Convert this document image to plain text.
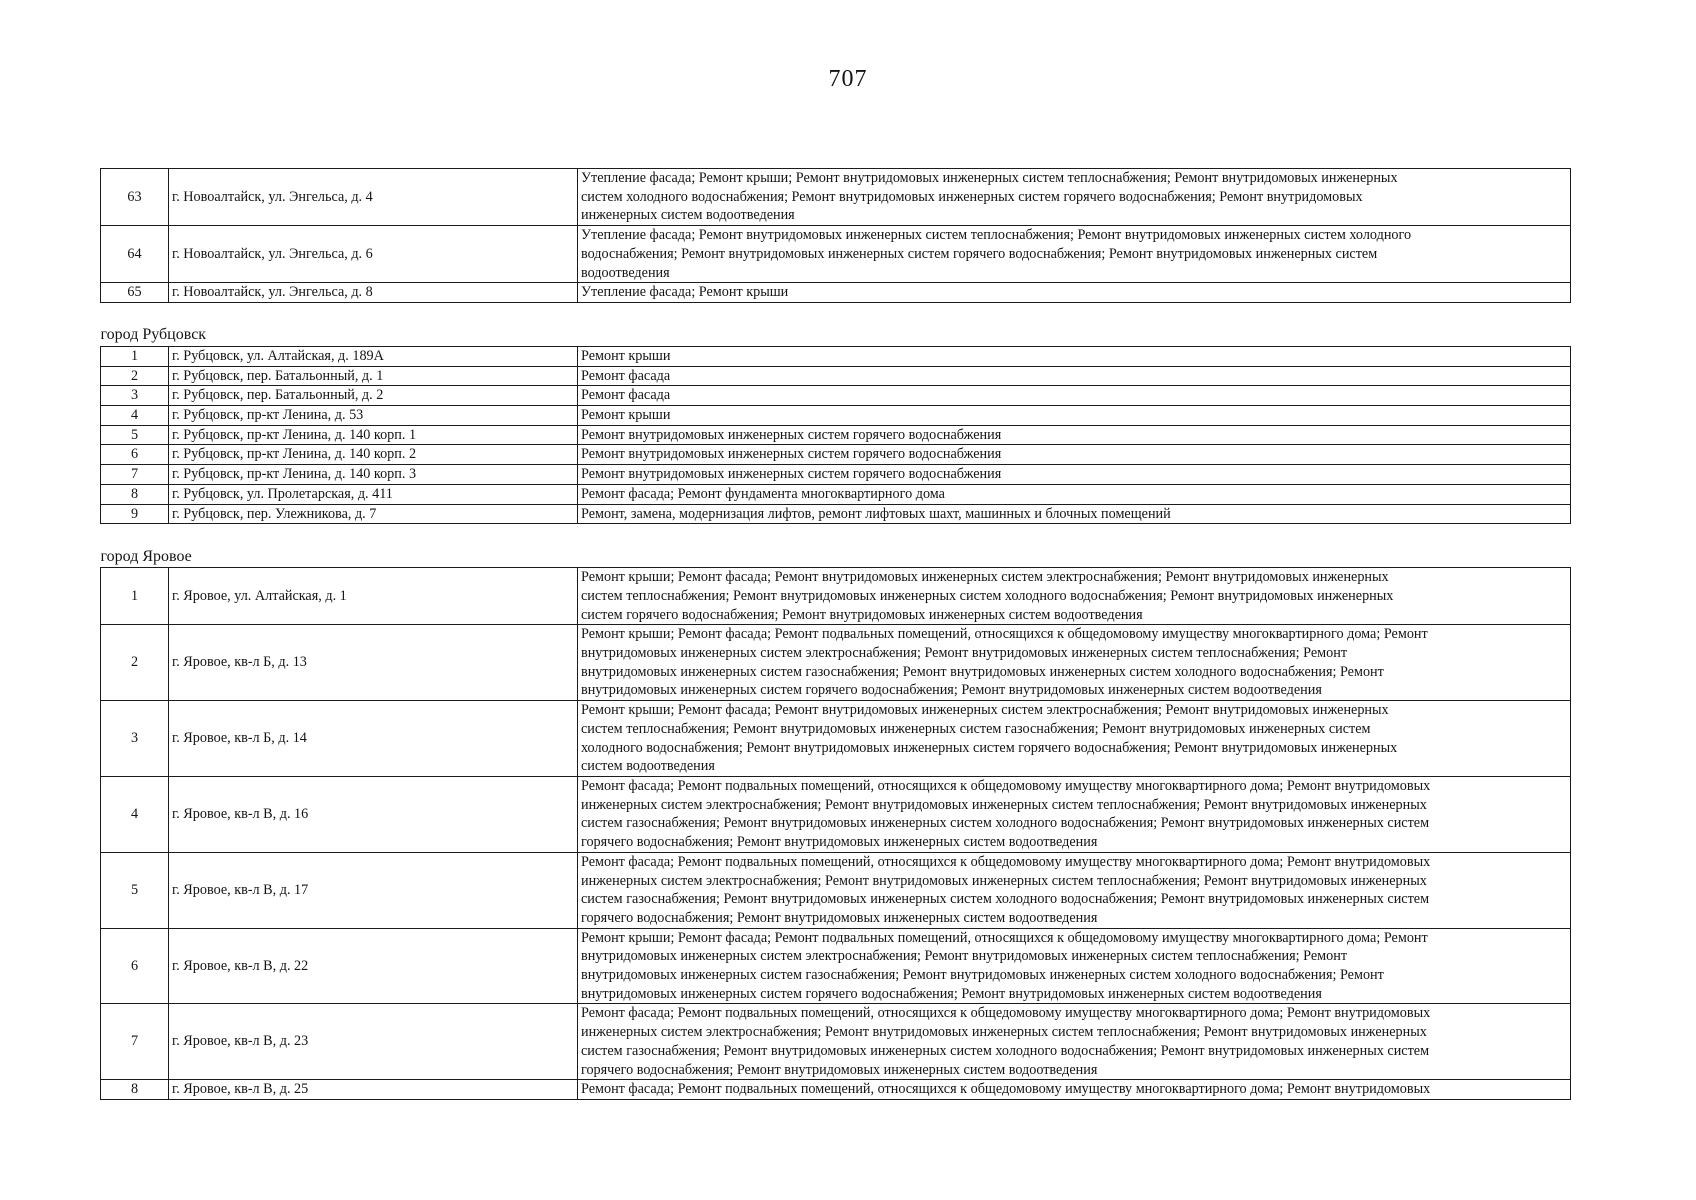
707
63	г. Новоалтайск, ул. Энгельса, д. 4	Утепление фасада; Ремонт крыши; Ремонт внутридомовых инженерных систем теплоснабжения; Ремонт внутридомовых инженерных
систем холодного водоснабжения; Ремонт внутридомовых инженерных систем горячего водоснабжения; Ремонт внутридомовых
инженерных систем водоотведения

64	г. Новоалтайск, ул. Энгельса, д. 6	Утепление фасада; Ремонт внутридомовых инженерных систем теплоснабжения; Ремонт внутридомовых инженерных систем холодного
водоснабжения; Ремонт внутридомовых инженерных систем горячего водоснабжения; Ремонт внутридомовых инженерных систем
водоотведения

65	г. Новоалтайск, ул. Энгельса, д. 8	Утепление фасада; Ремонт крыши

город Рубцовск		
1	г. Рубцовск, ул. Алтайская, д. 189А	Ремонт крыши

2	г. Рубцовск, пер. Батальонный, д. 1	Ремонт фасада

3	г. Рубцовск, пер. Батальонный, д. 2	Ремонт фасада

4	г. Рубцовск, пр-кт Ленина, д. 53	Ремонт крыши

5	г. Рубцовск, пр-кт Ленина, д. 140 корп. 1	Ремонт внутридомовых инженерных систем горячего водоснабжения

6	г. Рубцовск, пр-кт Ленина, д. 140 корп. 2	Ремонт внутридомовых инженерных систем горячего водоснабжения

7	г. Рубцовск, пр-кт Ленина, д. 140 корп. 3	Ремонт внутридомовых инженерных систем горячего водоснабжения

8	г. Рубцовск, ул. Пролетарская, д. 411	Ремонт фасада; Ремонт фундамента многоквартирного дома

9	г. Рубцовск, пер. Улежникова, д. 7	Ремонт, замена, модернизация лифтов, ремонт лифтовых шахт, машинных и блочных помещений

город Яровое		
1	г. Яровое, ул. Алтайская, д. 1	Ремонт крыши; Ремонт фасада; Ремонт внутридомовых инженерных систем электроснабжения; Ремонт внутридомовых инженерных
систем теплоснабжения; Ремонт внутридомовых инженерных систем холодного водоснабжения; Ремонт внутридомовых инженерных
систем горячего водоснабжения; Ремонт внутридомовых инженерных систем водоотведения

2	г. Яровое, кв-л Б, д. 13	Ремонт крыши; Ремонт фасада; Ремонт подвальных помещений, относящихся к общедомовому имуществу многоквартирного дома; Ремонт
внутридомовых инженерных систем электроснабжения; Ремонт внутридомовых инженерных систем теплоснабжения; Ремонт
внутридомовых инженерных систем газоснабжения; Ремонт внутридомовых инженерных систем холодного водоснабжения; Ремонт
внутридомовых инженерных систем горячего водоснабжения; Ремонт внутридомовых инженерных систем водоотведения

3	г. Яровое, кв-л Б, д. 14	Ремонт крыши; Ремонт фасада; Ремонт внутридомовых инженерных систем электроснабжения; Ремонт внутридомовых инженерных
систем теплоснабжения; Ремонт внутридомовых инженерных систем газоснабжения; Ремонт внутридомовых инженерных систем
холодного водоснабжения; Ремонт внутридомовых инженерных систем горячего водоснабжения; Ремонт внутридомовых инженерных
систем водоотведения

4	г. Яровое, кв-л В, д. 16	Ремонт фасада; Ремонт подвальных помещений, относящихся к общедомовому имуществу многоквартирного дома; Ремонт внутридомовых
инженерных систем электроснабжения; Ремонт внутридомовых инженерных систем теплоснабжения; Ремонт внутридомовых инженерных
систем газоснабжения; Ремонт внутридомовых инженерных систем холодного водоснабжения; Ремонт внутридомовых инженерных систем
горячего водоснабжения; Ремонт внутридомовых инженерных систем водоотведения

5	г. Яровое, кв-л В, д. 17	Ремонт фасада; Ремонт подвальных помещений, относящихся к общедомовому имуществу многоквартирного дома; Ремонт внутридомовых
инженерных систем электроснабжения; Ремонт внутридомовых инженерных систем теплоснабжения; Ремонт внутридомовых инженерных
систем газоснабжения; Ремонт внутридомовых инженерных систем холодного водоснабжения; Ремонт внутридомовых инженерных систем
горячего водоснабжения; Ремонт внутридомовых инженерных систем водоотведения

6	г. Яровое, кв-л В, д. 22	Ремонт крыши; Ремонт фасада; Ремонт подвальных помещений, относящихся к общедомовому имуществу многоквартирного дома; Ремонт
внутридомовых инженерных систем электроснабжения; Ремонт внутридомовых инженерных систем теплоснабжения; Ремонт
внутридомовых инженерных систем газоснабжения; Ремонт внутридомовых инженерных систем холодного водоснабжения; Ремонт
внутридомовых инженерных систем горячего водоснабжения; Ремонт внутридомовых инженерных систем водоотведения

7	г. Яровое, кв-л В, д. 23	Ремонт фасада; Ремонт подвальных помещений, относящихся к общедомовому имуществу многоквартирного дома; Ремонт внутридомовых
инженерных систем электроснабжения; Ремонт внутридомовых инженерных систем теплоснабжения; Ремонт внутридомовых инженерных
систем газоснабжения; Ремонт внутридомовых инженерных систем холодного водоснабжения; Ремонт внутридомовых инженерных систем
горячего водоснабжения; Ремонт внутридомовых инженерных систем водоотведения

8	г. Яровое, кв-л В, д. 25	Ремонт фасада; Ремонт подвальных помещений, относящихся к общедомовому имуществу многоквартирного дома; Ремонт внутридомовых
